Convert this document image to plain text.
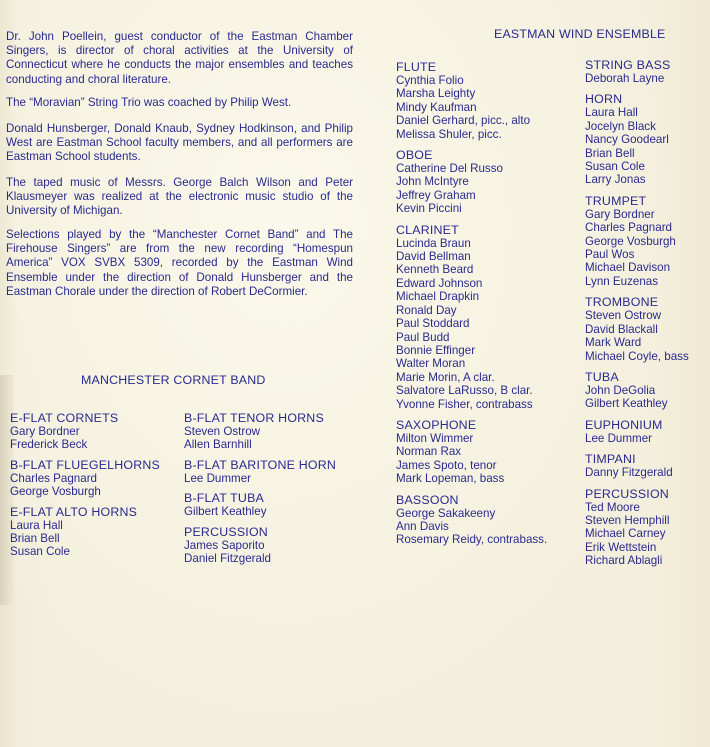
Dr. John Poellein, guest conductor of the Eastman Chamber Singers, is director of choral activities at the University of Connecticut where he conducts the major ensembles and teaches conducting and choral literature.

The “Moravian” String Trio was coached by Philip West.

Donald Hunsberger, Donald Knaub, Sydney Hodkinson, and Philip West are Eastman School faculty members, and all performers are Eastman School students.

The taped music of Messrs. George Balch Wilson and Peter Klausmeyer was realized at the electronic music studio of the University of Michigan.

Selections played by the “Manchester Cornet Band” and The Firehouse Singers” are from the new recording “Homespun America” VOX SVBX 5309, recorded by the Eastman Wind Ensemble under the direction of Donald Hunsberger and the Eastman Chorale under the direction of Robert DeCormier.

MANCHESTER CORNET BAND
E-FLAT CORNETS
Gary Bordner
Frederick Beck
B-FLAT FLUEGELHORNS
Charles Pagnard
George Vosburgh
E-FLAT ALTO HORNS
Laura Hall
Brian Bell
Susan Cole
B-FLAT TENOR HORNS
Steven Ostrow
Allen Barnhill
B-FLAT BARITONE HORN
Lee Dummer
B-FLAT TUBA
Gilbert Keathley
PERCUSSION
James Saporito
Daniel Fitzgerald
EASTMAN WIND ENSEMBLE
FLUTE
Cynthia Folio
Marsha Leighty
Mindy Kaufman
Daniel Gerhard, picc., alto
Melissa Shuler, picc.
OBOE
Catherine Del Russo
John McIntyre
Jeffrey Graham
Kevin Piccini
CLARINET
Lucinda Braun
David Bellman
Kenneth Beard
Edward Johnson
Michael Drapkin
Ronald Day
Paul Stoddard
Paul Budd
Bonnie Effinger
Walter Moran
Marie Morin, A clar.
Salvatore LaRusso, B clar.
Yvonne Fisher, contrabass
SAXOPHONE
Milton Wimmer
Norman Rax
James Spoto, tenor
Mark Lopeman, bass
BASSOON
George Sakakeeny
Ann Davis
Rosemary Reidy, contrabass.
STRING BASS
Deborah Layne
HORN
Laura Hall
Jocelyn Black
Nancy Goodearl
Brian Bell
Susan Cole
Larry Jonas
TRUMPET
Gary Bordner
Charles Pagnard
George Vosburgh
Paul Wos
Michael Davison
Lynn Euzenas
TROMBONE
Steven Ostrow
David Blackall
Mark Ward
Michael Coyle, bass
TUBA
John DeGolia
Gilbert Keathley
EUPHONIUM
Lee Dummer
TIMPANI
Danny Fitzgerald
PERCUSSION
Ted Moore
Steven Hemphill
Michael Carney
Erik Wettstein
Richard Ablagli
